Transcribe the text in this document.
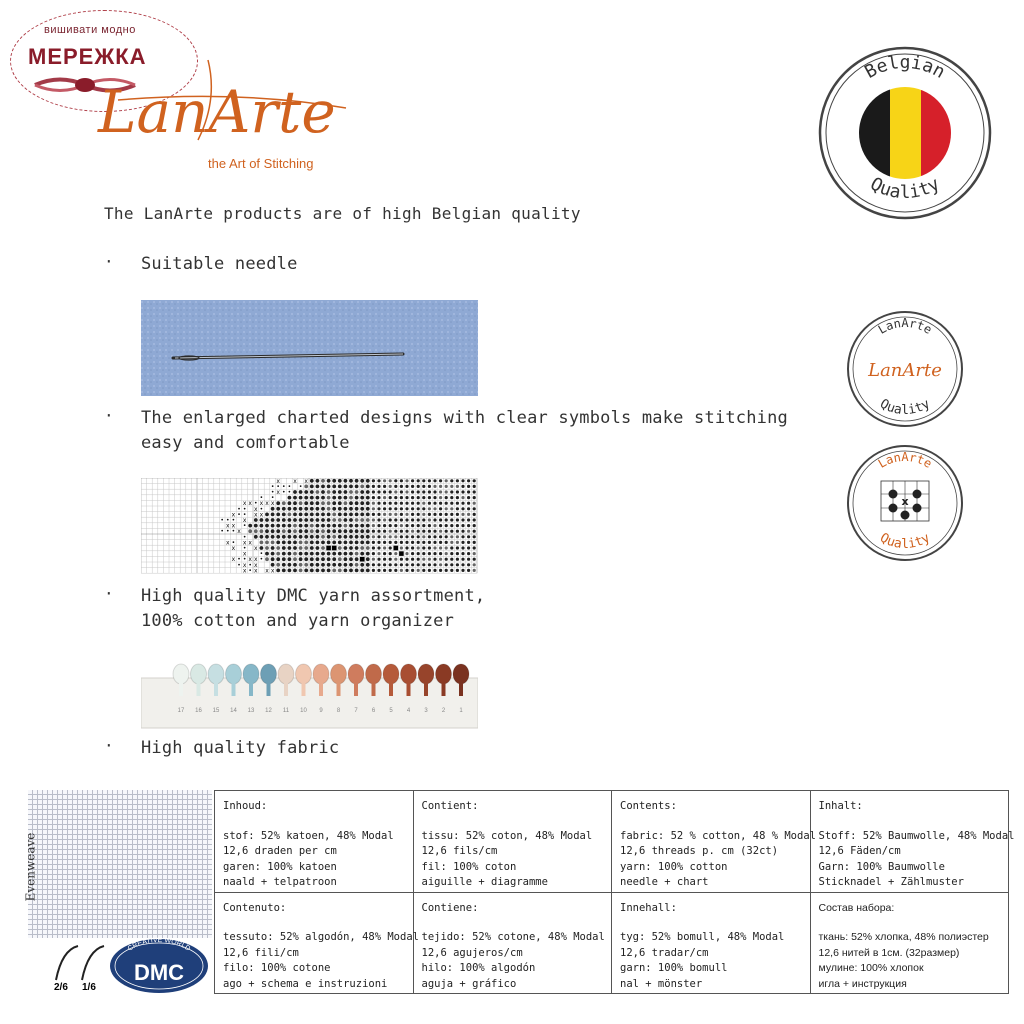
вишивати модно
МЕРЕЖКА
LanArte
the Art of Stitching
Belgian
Quality
The LanArte products are of high Belgian quality
· Suitable needle
· The enlarged charted designs with clear symbols make stitching
easy and comfortable
x x x
• • • • •
• x • •
• •
x x • x x x
• • x •
x • • x x
• • • x
x x •
• • • x
•
x • x x
x • x
x •
x • • x x •
• x • x
x • x x x
· High quality DMC yarn assortment,
100% cotton and yarn organizer
17 16 15 14 13 12 11 10 9 8 7 6 5 4 3 2 1
· High quality fabric
LanArte
Quality
LanArte
LanArte
Quality
x
Evenweave
Inhoud:
stof: 52% katoen, 48% Modal
12,6 draden per cm
garen: 100% katoen
naald + telpatroon	Contient:
tissu: 52% coton, 48% Modal
12,6 fils/cm
fil: 100% coton
aiguille + diagramme	Contents:
fabric: 52 % cotton, 48 % Modal
12,6 threads p. cm (32ct)
yarn: 100% cotton
needle + chart	Inhalt:
Stoff: 52% Baumwolle, 48% Modal
12,6 Fäden/cm
Garn: 100% Baumwolle
Sticknadel + Zählmuster

Contenuto:
tessuto: 52% algodón, 48% Modal
12,6 fili/cm
filo: 100% cotone
ago + schema e instruzioni	Contiene:
tejido: 52% cotone, 48% Modal
12,6 agujeros/cm
hilo: 100% algodón
aguja + gráfico	Innehall:
tyg: 52% bomull, 48% Modal
12,6 tradar/cm
garn: 100% bomull
nal + mönster	Состав набора:
ткань: 52% хлопка, 48% полиэстер
12,6 нитей в 1см. (32размер)
мулине: 100% хлопок
игла + инструкция
2/6 1/6
CREATIVE WORLD
DMC
